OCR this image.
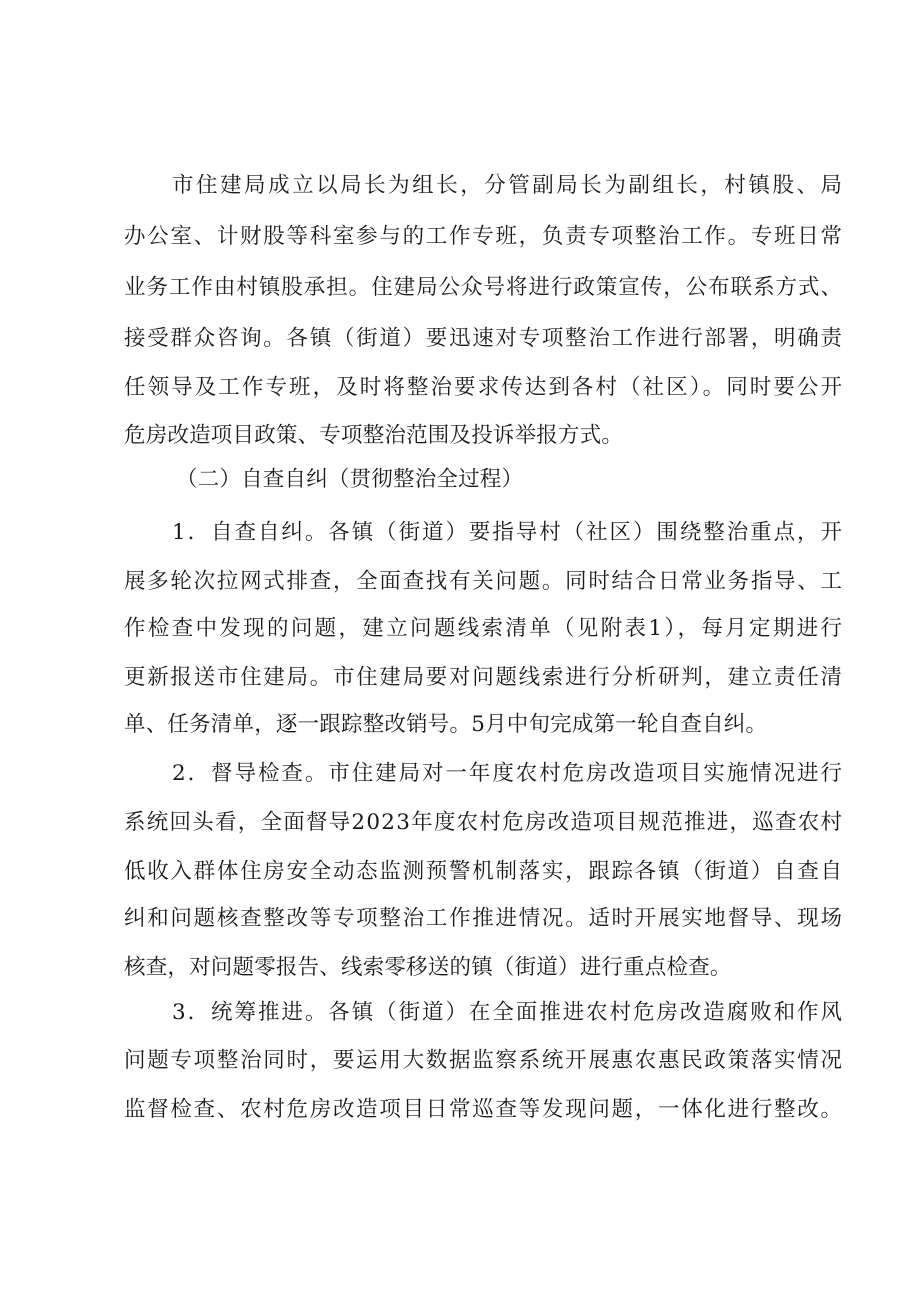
市住建局成立以局长为组长，分管副局长为副组长，村镇股、局

办公室、计财股等科室参与的工作专班，负责专项整治工作。专班日常

业务工作由村镇股承担。住建局公众号将进行政策宣传，公布联系方式、

接受群众咨询。各镇（街道）要迅速对专项整治工作进行部署，明确责

任领导及工作专班，及时将整治要求传达到各村（社区）。同时要公开

危房改造项目政策、专项整治范围及投诉举报方式。

（二）自查自纠（贯彻整治全过程）

1．自查自纠。各镇（街道）要指导村（社区）围绕整治重点，开

展多轮次拉网式排查，全面查找有关问题。同时结合日常业务指导、工

作检查中发现的问题，建立问题线索清单（见附表1），每月定期进行

更新报送市住建局。市住建局要对问题线索进行分析研判，建立责任清

单、任务清单，逐一跟踪整改销号。5月中旬完成第一轮自查自纠。

2．督导检查。市住建局对一年度农村危房改造项目实施情况进行

系统回头看，全面督导2023年度农村危房改造项目规范推进，巡查农村

低收入群体住房安全动态监测预警机制落实，跟踪各镇（街道）自查自

纠和问题核查整改等专项整治工作推进情况。适时开展实地督导、现场

核查，对问题零报告、线索零移送的镇（街道）进行重点检查。

3．统筹推进。各镇（街道）在全面推进农村危房改造腐败和作风

问题专项整治同时，要运用大数据监察系统开展惠农惠民政策落实情况

监督检查、农村危房改造项目日常巡查等发现问题，一体化进行整改。
